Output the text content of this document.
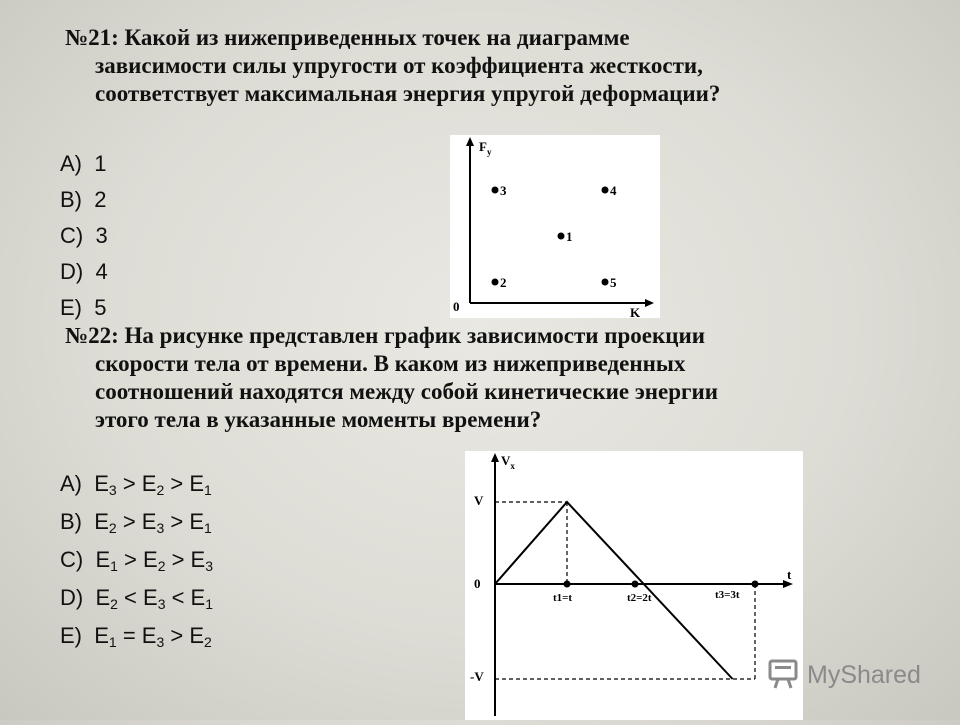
№21: Какой из нижеприведенных точек на диаграмме
зависимости силы упругости от коэффициента жесткости,
соответствует максимальная энергия упругой деформации?
A) 1
B) 2
C) 3
D) 4
E) 5
$F_y$
K
0
1
2
3	4
5
№22: На рисунке представлен график зависимости проекции
скорости тела от времени. В каком из нижеприведенных
соотношений находятся между собой кинетические энергии
этого тела в указанные моменты времени?
A) $E_3 > E_2 > E_1$
B) $E_2 > E_3 > E_1$
C) $E_1 > E_2 > E_3$
D) $E_2 < E_3 < E_1$
E) $E_1 = E_3 > E_2$
$V_x$
t
V
0
-V
t1=t	t2=2t	t3=3t
MyShared
